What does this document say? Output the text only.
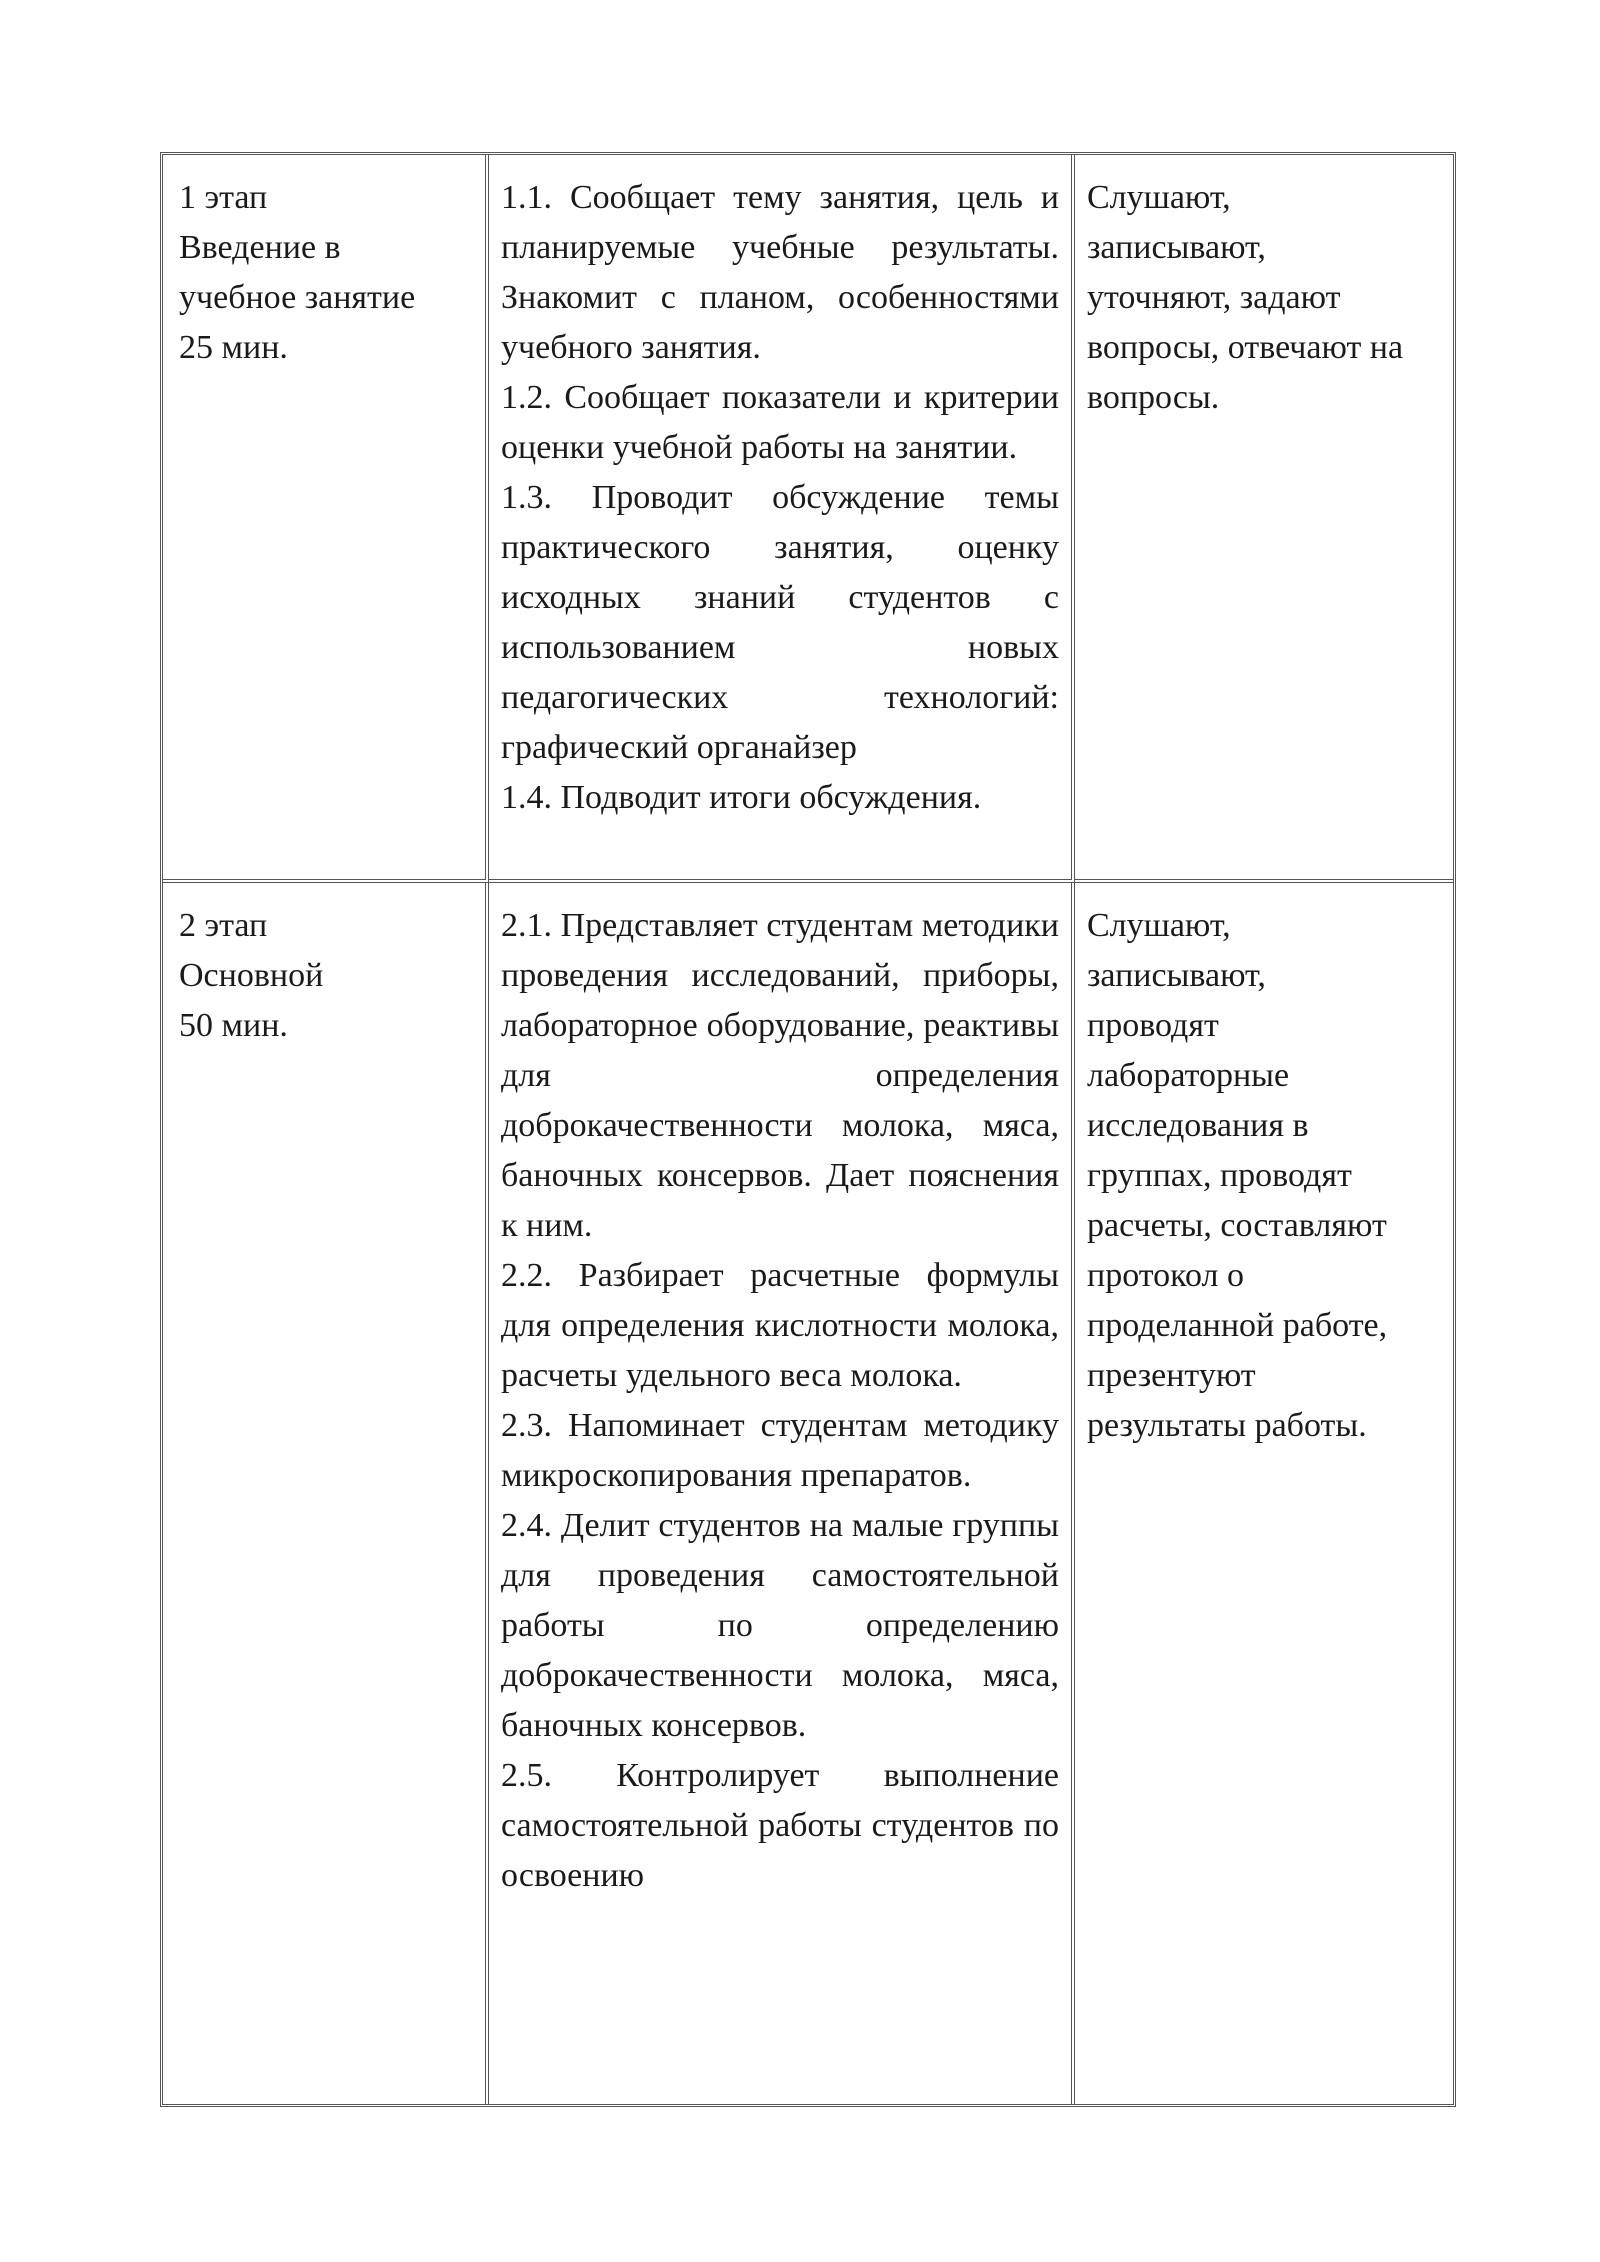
1 этап
Введение в
учебное занятие
25 мин.
1.1. Сообщает тему занятия, цель и планируемые учебные результаты. Знакомит с планом, особенностями учебного занятия.
1.2. Сообщает показатели и критерии оценки учебной работы на занятии.
1.3. Проводит обсуждение темы практического занятия, оценку исходных знаний студентов с использованием новых педагогических технологий: графический органайзер
1.4. Подводит итоги обсуждения.
Слушают,
записывают,
уточняют, задают
вопросы, отвечают на
вопросы.
2 этап
Основной
50 мин.
2.1. Представляет студентам методики проведения исследований, приборы, лабораторное оборудование, реактивы для определения доброкачественности молока, мяса, баночных консервов. Дает пояснения к ним.
2.2. Разбирает расчетные формулы для определения кислотности молока, расчеты удельного веса молока.
2.3. Напоминает студентам методику микроскопирования препаратов.
2.4. Делит студентов на малые группы для проведения самостоятельной работы по определению доброкачественности молока, мяса, баночных консервов.
2.5. Контролирует выполнение самостоятельной работы студентов по освоению
Слушают,
записывают,
проводят
лабораторные
исследования в
группах, проводят
расчеты, составляют
протокол о
проделанной работе,
презентуют
результаты работы.
